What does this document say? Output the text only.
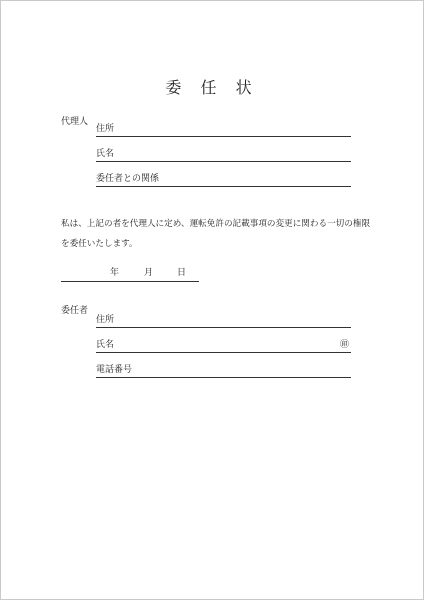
委 任 状
代理人
住所
氏名
委任者との関係
私は、上記の者を代理人に定め、運転免許の記載事項の変更に関わる一切の権限
を委任いたします。
年	月	日
委任者
住所
氏名	㊞
電話番号
